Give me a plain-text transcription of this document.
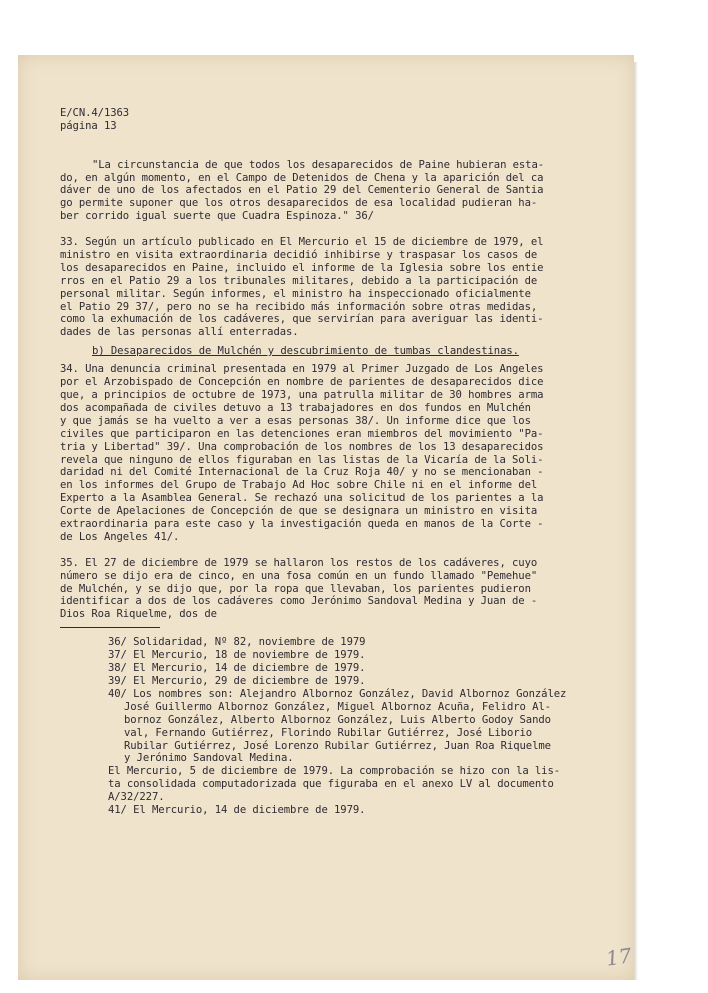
E/CN.4/1363
página 13
"La circunstancia de que todos los desaparecidos de Paine hubieran esta-
do, en algún momento, en el Campo de Detenidos de Chena y la aparición del ca
dáver de uno de los afectados en el Patio 29 del Cementerio General de Santia
go permite suponer que los otros desaparecidos de esa localidad pudieran ha-
ber corrido igual suerte que Cuadra Espinoza." 36/
33. Según un artículo publicado en El Mercurio el 15 de diciembre de 1979, el
ministro en visita extraordinaria decidió inhibirse y traspasar los casos de
los desaparecidos en Paine, incluido el informe de la Iglesia sobre los entie
rros en el Patio 29 a los tribunales militares, debido a la participación de
personal militar. Según informes, el ministro ha inspeccionado oficialmente
el Patio 29 37/, pero no se ha recibido más información sobre otras medidas,
como la exhumación de los cadáveres, que servirían para averiguar las identi-
dades de las personas allí enterradas.
b) Desaparecidos de Mulchén y descubrimiento de tumbas clandestinas.
34. Una denuncia criminal presentada en 1979 al Primer Juzgado de Los Angeles
por el Arzobispado de Concepción en nombre de parientes de desaparecidos dice
que, a principios de octubre de 1973, una patrulla militar de 30 hombres arma
dos acompañada de civiles detuvo a 13 trabajadores en dos fundos en Mulchén
y que jamás se ha vuelto a ver a esas personas 38/. Un informe dice que los
civiles que participaron en las detenciones eran miembros del movimiento "Pa-
tria y Libertad" 39/. Una comprobación de los nombres de los 13 desaparecidos
revela que ninguno de ellos figuraban en las listas de la Vicaría de la Soli-
daridad ni del Comité Internacional de la Cruz Roja 40/ y no se mencionaban -
en los informes del Grupo de Trabajo Ad Hoc sobre Chile ni en el informe del
Experto a la Asamblea General. Se rechazó una solicitud de los parientes a la
Corte de Apelaciones de Concepción de que se designara un ministro en visita
extraordinaria para este caso y la investigación queda en manos de la Corte -
de Los Angeles 41/.
35. El 27 de diciembre de 1979 se hallaron los restos de los cadáveres, cuyo
número se dijo era de cinco, en una fosa común en un fundo llamado "Pemehue"
de Mulchén, y se dijo que, por la ropa que llevaban, los parientes pudieron
identificar a dos de los cadáveres como Jerónimo Sandoval Medina y Juan de -
Dios Roa Riquelme, dos de
36/ Solidaridad, Nº 82, noviembre de 1979
37/ El Mercurio, 18 de noviembre de 1979.
38/ El Mercurio, 14 de diciembre de 1979.
39/ El Mercurio, 29 de diciembre de 1979.
40/ Los nombres son: Alejandro Albornoz González, David Albornoz González
José Guillermo Albornoz González, Miguel Albornoz Acuña, Felidro Al-
bornoz González, Alberto Albornoz González, Luis Alberto Godoy Sando
val, Fernando Gutiérrez, Florindo Rubilar Gutiérrez, José Liborio
Rubilar Gutiérrez, José Lorenzo Rubilar Gutiérrez, Juan Roa Riquelme
y Jerónimo Sandoval Medina.
El Mercurio, 5 de diciembre de 1979. La comprobación se hizo con la lis-
ta consolidada computadorizada que figuraba en el anexo LV al documento
A/32/227.
41/ El Mercurio, 14 de diciembre de 1979.
17
